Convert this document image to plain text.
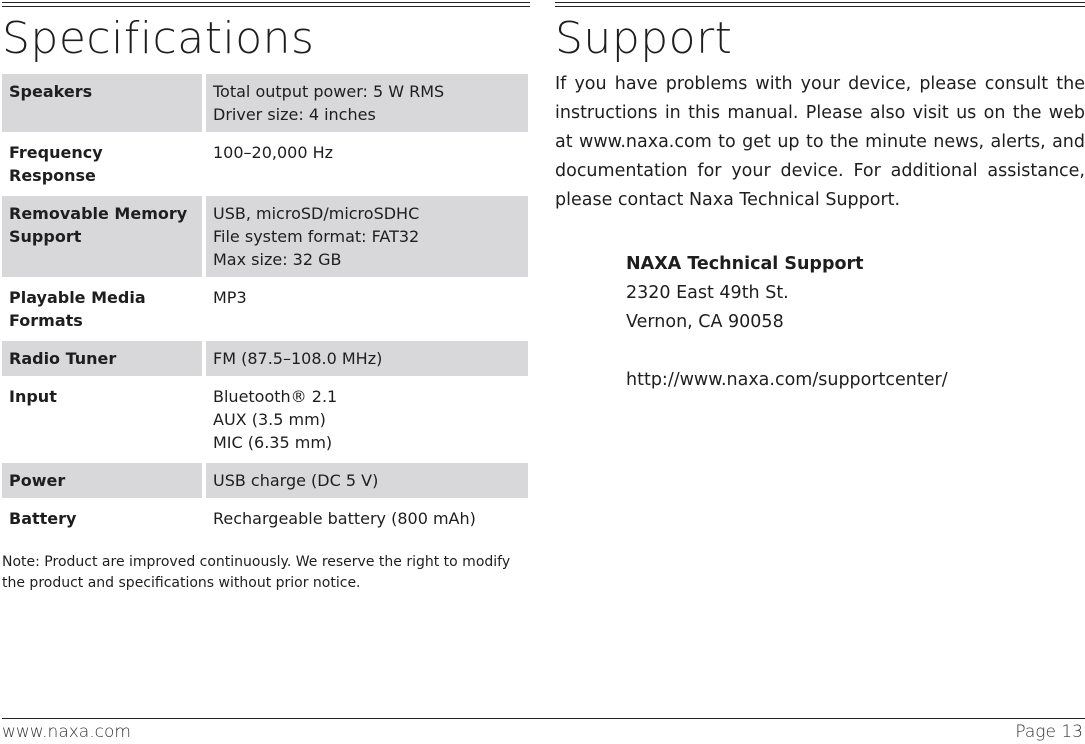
Specifications
Speakers	Total output power: 5 W RMS
Driver size: 4 inches

Frequency Response	100–20,000 Hz

Removable Memory Support	USB, microSD/microSDHC
File system format: FAT32
Max size: 32 GB

Playable Media Formats	MP3

Radio Tuner	FM (87.5–108.0 MHz)

Input	Bluetooth® 2.1
AUX (3.5 mm)
MIC (6.35 mm)

Power	USB charge (DC 5 V)

Battery	Rechargeable battery (800 mAh)
Note: Product are improved continuously. We reserve the right to modify the product and specifications without prior notice.
Support
If you have problems with your device, please consult the instructions in this manual. Please also visit us on the web at www.naxa.com to get up to the minute news, alerts, and documentation for your device. For additional assistance, please contact Naxa Technical Support.
NAXA Technical Support
2320 East 49th St.
Vernon, CA 90058
http://www.naxa.com/supportcenter/
www.naxa.com	Page 13
